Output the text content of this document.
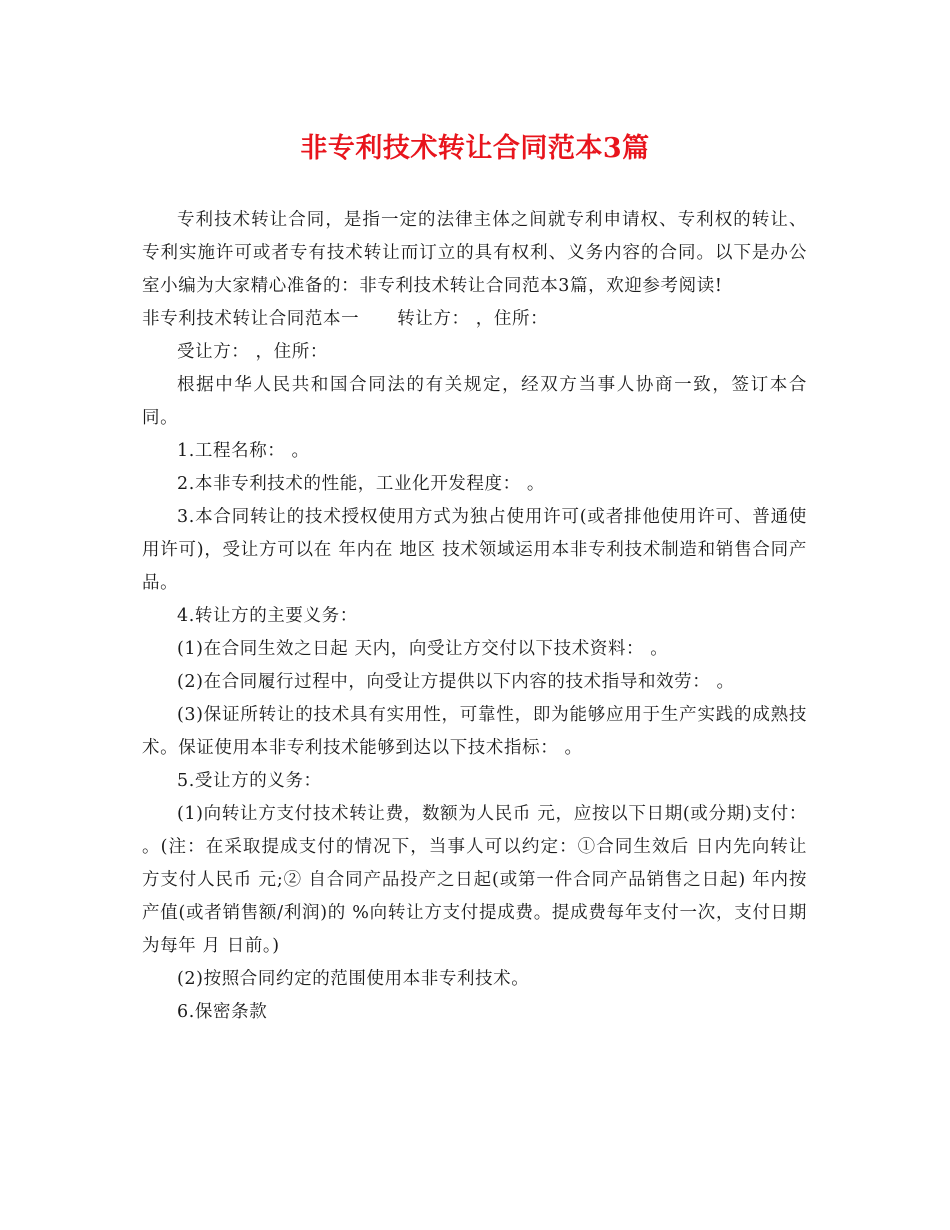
非专利技术转让合同范本3篇

专利技术转让合同，是指一定的法律主体之间就专利申请权、专利权的转让、专利实施许可或者专有技术转让而订立的具有权利、义务内容的合同。以下是办公室小编为大家精心准备的：非专利技术转让合同范本3篇，欢迎参考阅读!

非专利技术转让合同范本一 转让方： ，住所：

受让方： ，住所：

根据中华人民共和国合同法的有关规定，经双方当事人协商一致，签订本合同。

1.工程名称： 。

2.本非专利技术的性能，工业化开发程度： 。

3.本合同转让的技术授权使用方式为独占使用许可(或者排他使用许可、普通使用许可)，受让方可以在 年内在 地区 技术领域运用本非专利技术制造和销售合同产品。

4.转让方的主要义务：

(1)在合同生效之日起 天内，向受让方交付以下技术资料： 。

(2)在合同履行过程中，向受让方提供以下内容的技术指导和效劳： 。

(3)保证所转让的技术具有实用性，可靠性，即为能够应用于生产实践的成熟技术。保证使用本非专利技术能够到达以下技术指标： 。

5.受让方的义务：

(1)向转让方支付技术转让费，数额为人民币 元，应按以下日期(或分期)支付： 。(注：在采取提成支付的情况下，当事人可以约定：①合同生效后 日内先向转让方支付人民币 元;② 自合同产品投产之日起(或第一件合同产品销售之日起) 年内按产值(或者销售额/利润)的 %向转让方支付提成费。提成费每年支付一次，支付日期为每年 月 日前。)

(2)按照合同约定的范围使用本非专利技术。

6.保密条款
